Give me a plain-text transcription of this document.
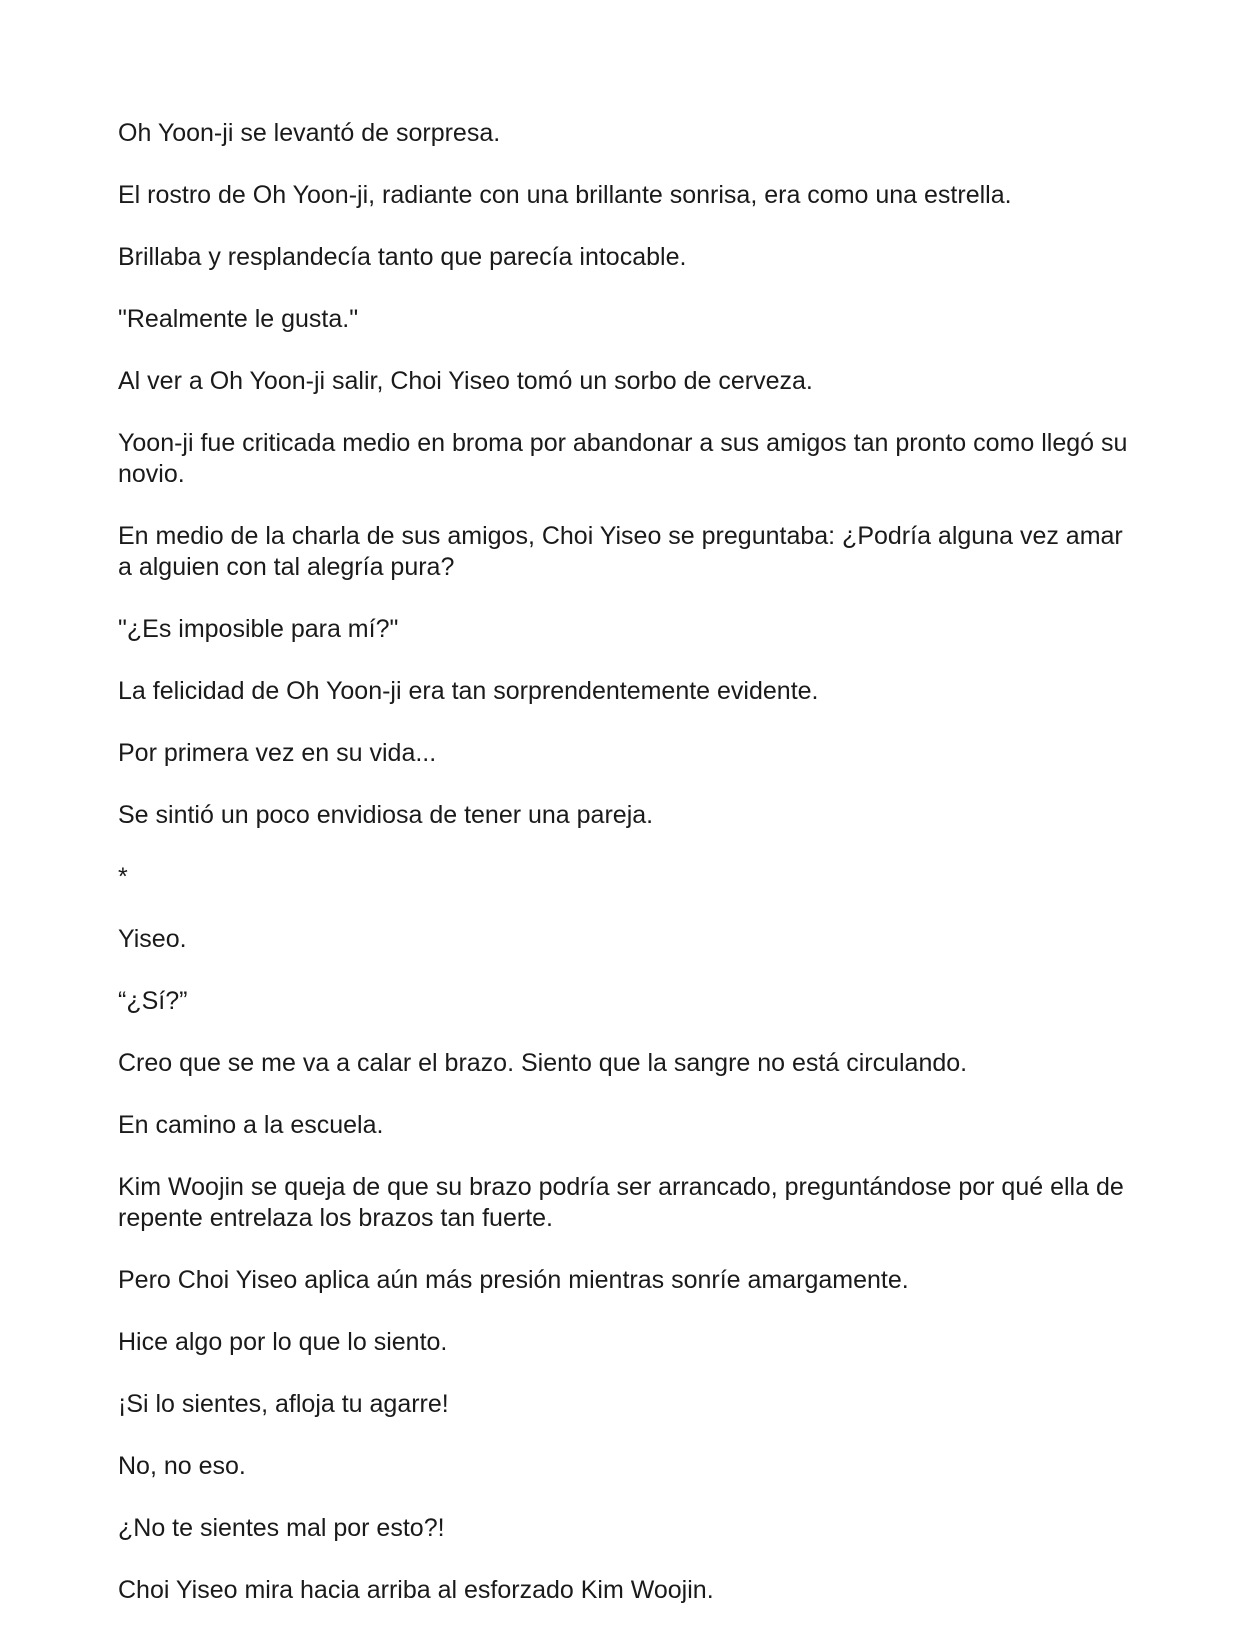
Oh Yoon-ji se levantó de sorpresa.

El rostro de Oh Yoon-ji, radiante con una brillante sonrisa, era como una estrella.

Brillaba y resplandecía tanto que parecía intocable.

"Realmente le gusta."

Al ver a Oh Yoon-ji salir, Choi Yiseo tomó un sorbo de cerveza.

Yoon-ji fue criticada medio en broma por abandonar a sus amigos tan pronto como llegó su novio.

En medio de la charla de sus amigos, Choi Yiseo se preguntaba: ¿Podría alguna vez amar a alguien con tal alegría pura?

"¿Es imposible para mí?"

La felicidad de Oh Yoon-ji era tan sorprendentemente evidente.

Por primera vez en su vida...

Se sintió un poco envidiosa de tener una pareja.

*

Yiseo.

“¿Sí?”

Creo que se me va a calar el brazo. Siento que la sangre no está circulando.

En camino a la escuela.

Kim Woojin se queja de que su brazo podría ser arrancado, preguntándose por qué ella de repente entrelaza los brazos tan fuerte.

Pero Choi Yiseo aplica aún más presión mientras sonríe amargamente.

Hice algo por lo que lo siento.

¡Si lo sientes, afloja tu agarre!

No, no eso.

¿No te sientes mal por esto?!

Choi Yiseo mira hacia arriba al esforzado Kim Woojin.
